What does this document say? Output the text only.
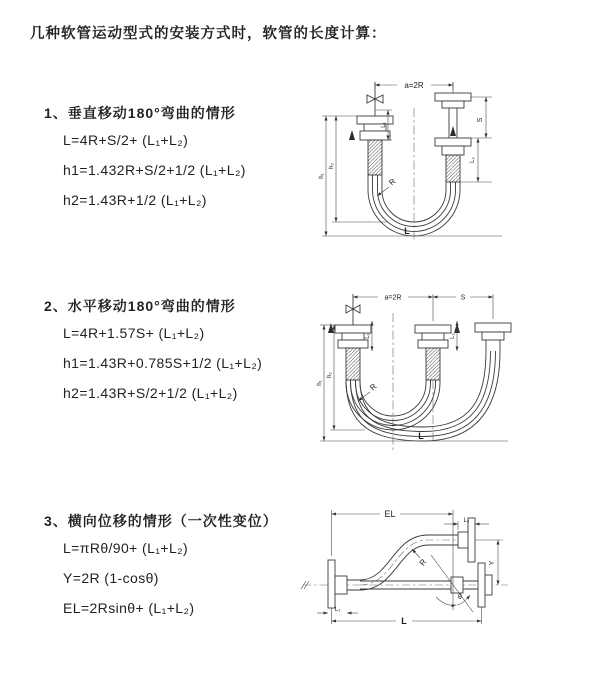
几种软管运动型式的安装方式时，软管的长度计算：
1、垂直移动180°弯曲的情形
L=4R+S/2+ (L₁+L₂)
h1=1.432R+S/2+1/2 (L₁+L₂)
h2=1.43R+1/2 (L₁+L₂)
2、水平移动180°弯曲的情形
L=4R+1.57S+ (L₁+L₂)
h1=1.43R+0.785S+1/2 (L₁+L₂)
h2=1.43R+S/2+1/2 (L₁+L₂)
3、横向位移的情形（一次性变位）
L=πRθ/90+ (L₁+L₂)
Y=2R (1-cosθ)
EL=2Rsinθ+ (L₁+L₂)
a=2R
S
L₂
L₁
h₁
h₂
R
L
a=2R	S
h₁
h₂
L₁	L₂
R
L
EL
L₂
Y
θ
R
L₁
L
